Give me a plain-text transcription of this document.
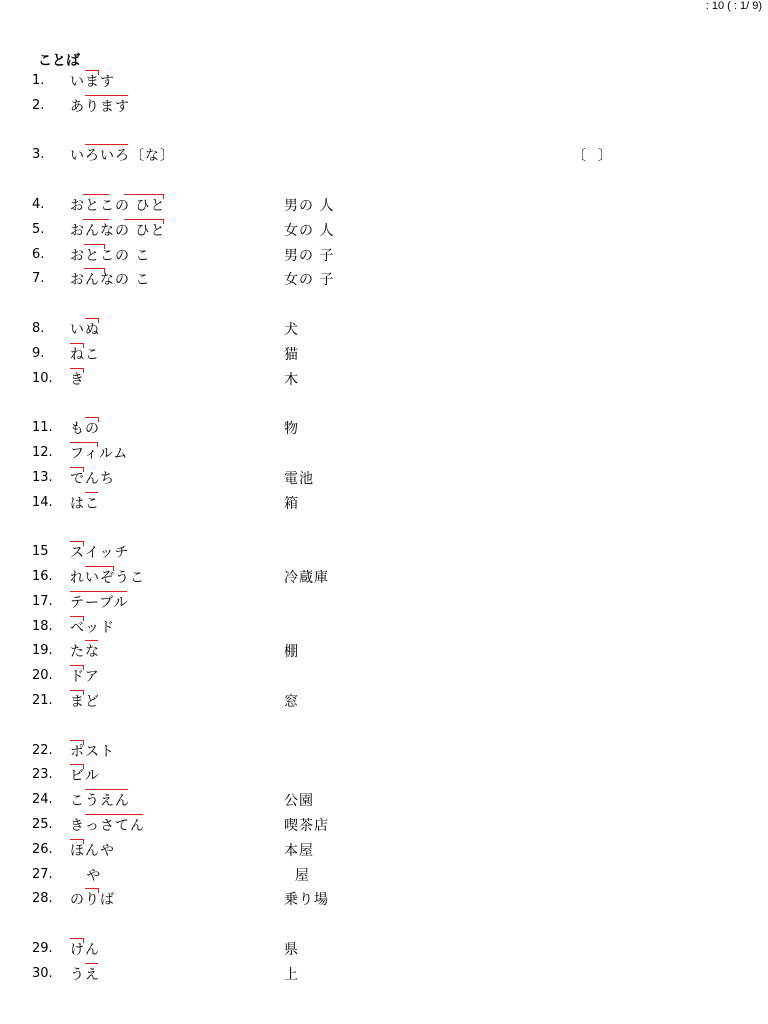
: 10 ( : 1/ 9)
ことば
1.	います
2.	あります
3.	いろいろ〔な〕	〔  〕
4.	おとこの ひと	男の 人
5.	おんなの ひと	女の 人
6.	おとこの こ	男の 子
7.	おんなの こ	女の 子
8.	いぬ	犬
9.	ねこ	猫
10.	き	木
11.	もの	物
12.	フィルム
13.	でんち	電池
14.	はこ	箱
15	スイッチ
16.	れいぞうこ	冷蔵庫
17.	テーブル
18.	ベッド
19.	たな	棚
20.	ドア
21.	まど	窓
22.	ポスト
23.	ビル
24.	こうえん	公園
25.	きっさてん	喫茶店
26.	ほんや	本屋
27.	や	屋
28.	のりば	乗り場
29.	けん	県
30.	うえ	上
